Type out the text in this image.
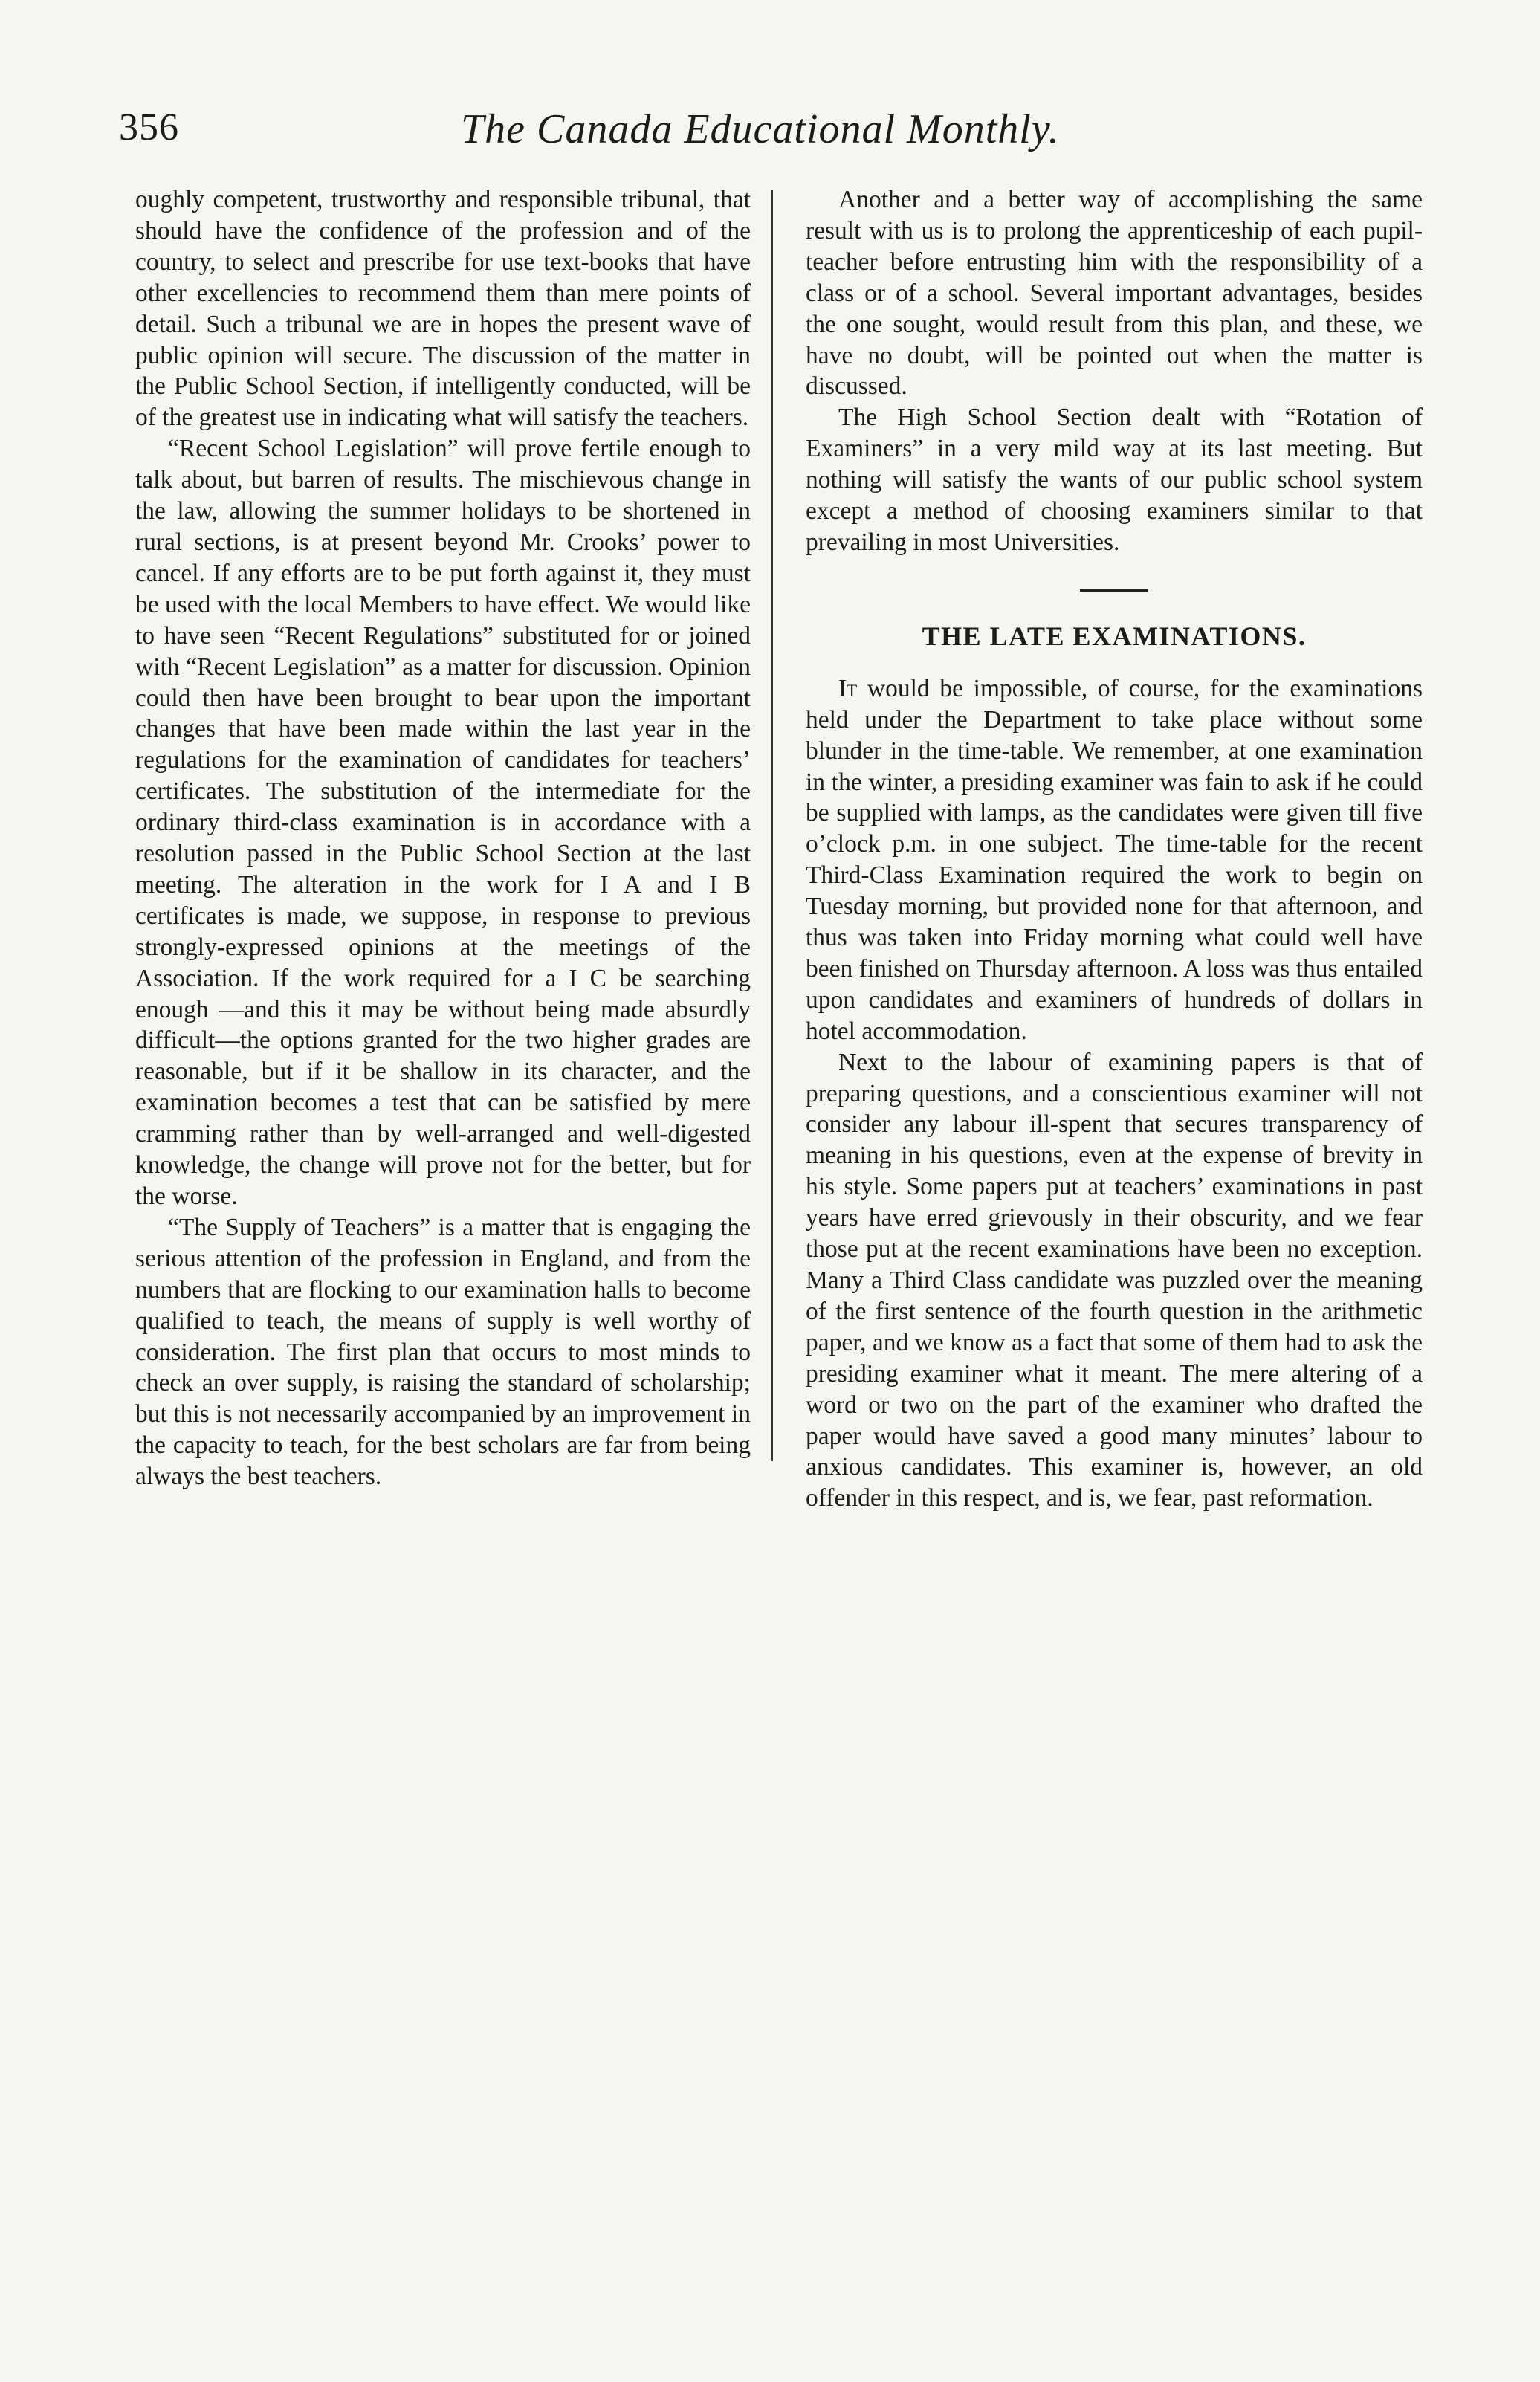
356	The Canada Educational Monthly.

oughly competent, trustworthy and responsible tribunal, that should have the confidence of the profession and of the country, to select and prescribe for use text-books that have other excellencies to recommend them than mere points of detail. Such a tribunal we are in hopes the present wave of public opinion will secure. The discussion of the matter in the Public School Section, if intelligently conducted, will be of the greatest use in indicating what will satisfy the teachers.

“Recent School Legislation” will prove fertile enough to talk about, but barren of results. The mischievous change in the law, allowing the summer holidays to be shortened in rural sections, is at present beyond Mr. Crooks’ power to cancel. If any efforts are to be put forth against it, they must be used with the local Members to have effect. We would like to have seen “Recent Regulations” substituted for or joined with “Recent Legislation” as a matter for discussion. Opinion could then have been brought to bear upon the important changes that have been made within the last year in the regulations for the examination of candidates for teachers’ certificates. The substitution of the intermediate for the ordinary third-class examination is in accordance with a resolution passed in the Public School Section at the last meeting. The alteration in the work for I A and I B certificates is made, we suppose, in response to previous strongly-expressed opinions at the meetings of the Association. If the work required for a I C be searching enough —and this it may be without being made absurdly difficult—the options granted for the two higher grades are reasonable, but if it be shallow in its character, and the examination becomes a test that can be satisfied by mere cramming rather than by well-arranged and well-digested knowledge, the change will prove not for the better, but for the worse.

“The Supply of Teachers” is a matter that is engaging the serious attention of the profession in England, and from the numbers that are flocking to our examination halls to become qualified to teach, the means of supply is well worthy of consideration. The first plan that occurs to most minds to check an over supply, is raising the standard of scholarship; but this is not necessarily accompanied by an improvement in the capacity to teach, for the best scholars are far from being always the best teachers.

Another and a better way of accomplishing the same result with us is to prolong the apprenticeship of each pupil-teacher before entrusting him with the responsibility of a class or of a school. Several important advantages, besides the one sought, would result from this plan, and these, we have no doubt, will be pointed out when the matter is discussed.

The High School Section dealt with “Rotation of Examiners” in a very mild way at its last meeting. But nothing will satisfy the wants of our public school system except a method of choosing examiners similar to that prevailing in most Universities.

THE LATE EXAMINATIONS.

It would be impossible, of course, for the examinations held under the Department to take place without some blunder in the time-table. We remember, at one examination in the winter, a presiding examiner was fain to ask if he could be supplied with lamps, as the candidates were given till five o’clock p.m. in one subject. The time-table for the recent Third-Class Examination required the work to begin on Tuesday morning, but provided none for that afternoon, and thus was taken into Friday morning what could well have been finished on Thursday afternoon. A loss was thus entailed upon candidates and examiners of hundreds of dollars in hotel accommodation.

Next to the labour of examining papers is that of preparing questions, and a conscientious examiner will not consider any labour ill-spent that secures transparency of meaning in his questions, even at the expense of brevity in his style. Some papers put at teachers’ examinations in past years have erred grievously in their obscurity, and we fear those put at the recent examinations have been no exception. Many a Third Class candidate was puzzled over the meaning of the first sentence of the fourth question in the arithmetic paper, and we know as a fact that some of them had to ask the presiding examiner what it meant. The mere altering of a word or two on the part of the examiner who drafted the paper would have saved a good many minutes’ labour to anxious candidates. This examiner is, however, an old offender in this respect, and is, we fear, past reformation.
